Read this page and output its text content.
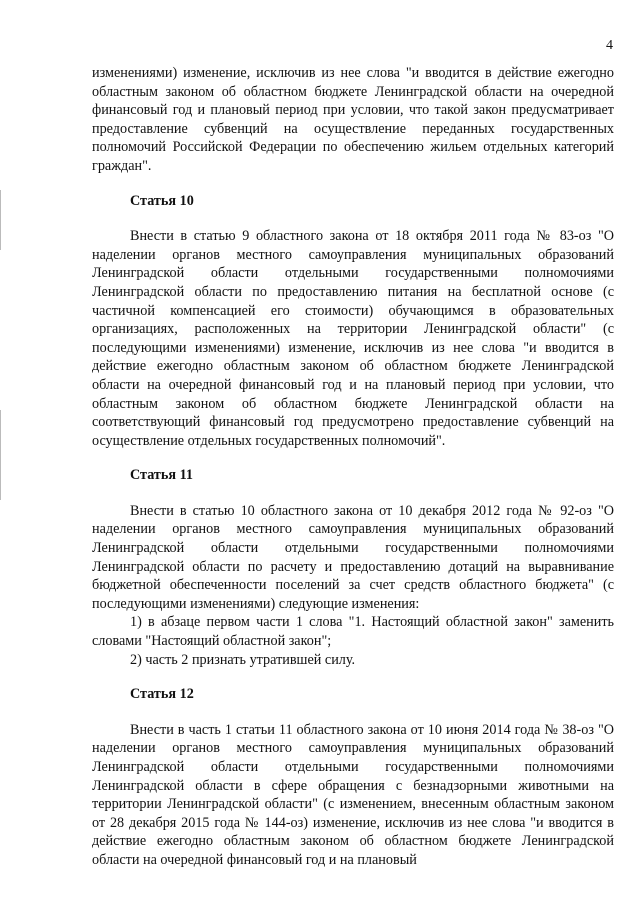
4

изменениями) изменение, исключив из нее слова "и вводится в действие ежегодно областным законом об областном бюджете Ленинградской области на очередной финансовый год и плановый период при условии, что такой закон предусматривает предоставление субвенций на осуществление переданных государственных полномочий Российской Федерации по обеспечению жильем отдельных категорий граждан".

Статья 10

Внести в статью 9 областного закона от 18 октября 2011 года № 83-оз "О наделении органов местного самоуправления муниципальных образований Ленинградской области отдельными государственными полномочиями Ленинградской области по предоставлению питания на бесплатной основе (с частичной компенсацией его стоимости) обучающимся в образовательных организациях, расположенных на территории Ленинградской области" (с последующими изменениями) изменение, исключив из нее слова "и вводится в действие ежегодно областным законом об областном бюджете Ленинградской области на очередной финансовый год и на плановый период при условии, что областным законом об областном бюджете Ленинградской области на соответствующий финансовый год предусмотрено предоставление субвенций на осуществление отдельных государственных полномочий".

Статья 11

Внести в статью 10 областного закона от 10 декабря 2012 года № 92-оз "О наделении органов местного самоуправления муниципальных образований Ленинградской области отдельными государственными полномочиями Ленинградской области по расчету и предоставлению дотаций на выравнивание бюджетной обеспеченности поселений за счет средств областного бюджета" (с последующими изменениями) следующие изменения:

1) в абзаце первом части 1 слова "1. Настоящий областной закон" заменить словами "Настоящий областной закон";

2) часть 2 признать утратившей силу.

Статья 12

Внести в часть 1 статьи 11 областного закона от 10 июня 2014 года № 38-оз "О наделении органов местного самоуправления муниципальных образований Ленинградской области отдельными государственными полномочиями Ленинградской области в сфере обращения с безнадзорными животными на территории Ленинградской области" (с изменением, внесенным областным законом от 28 декабря 2015 года № 144-оз) изменение, исключив из нее слова "и вводится в действие ежегодно областным законом об областном бюджете Ленинградской области на очередной финансовый год и на плановый
